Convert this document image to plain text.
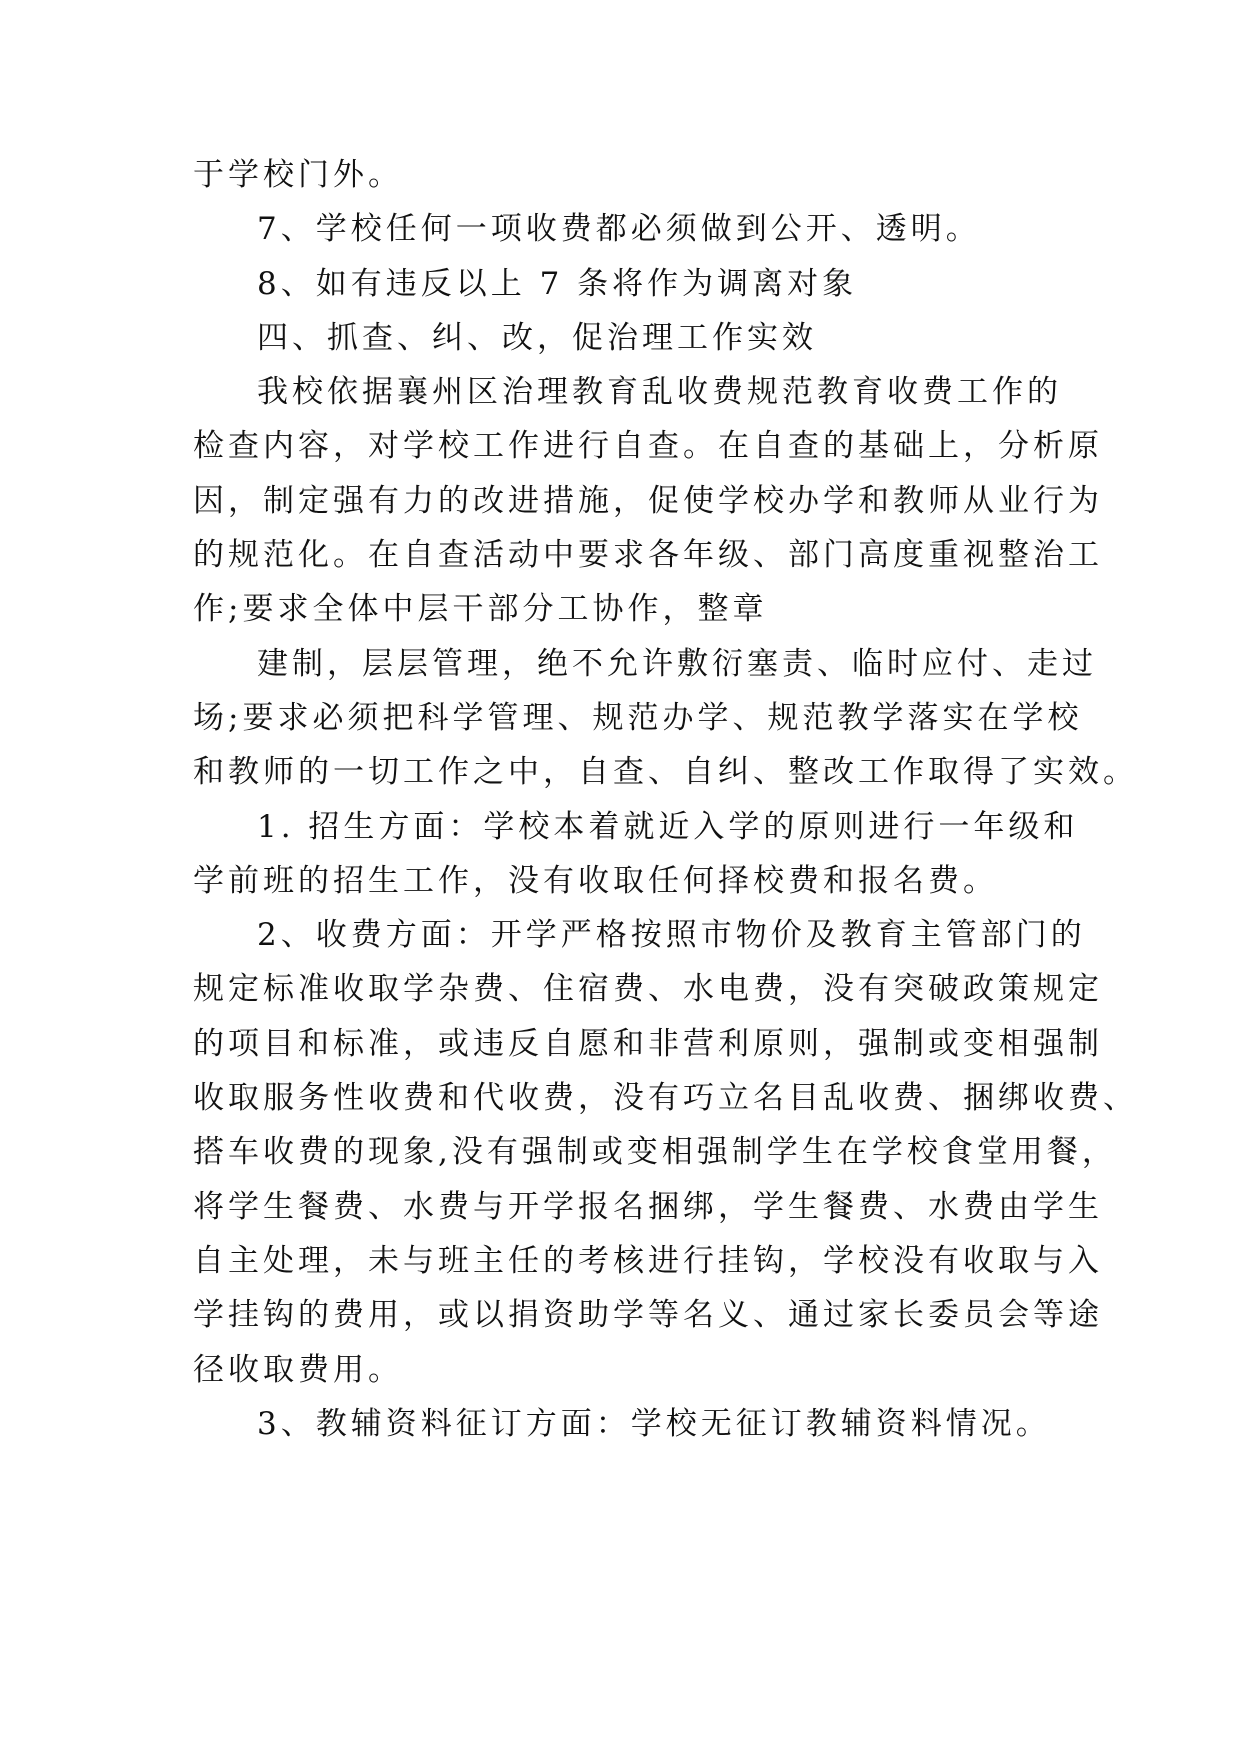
于学校门外。
7、学校任何一项收费都必须做到公开、透明。
8、如有违反以上 7 条将作为调离对象
四、抓查、纠、改，促治理工作实效
我校依据襄州区治理教育乱收费规范教育收费工作的
检查内容，对学校工作进行自查。在自查的基础上，分析原
因，制定强有力的改进措施，促使学校办学和教师从业行为
的规范化。在自查活动中要求各年级、部门高度重视整治工
作;要求全体中层干部分工协作，整章
建制，层层管理，绝不允许敷衍塞责、临时应付、走过
场;要求必须把科学管理、规范办学、规范教学落实在学校
和教师的一切工作之中，自查、自纠、整改工作取得了实效。
1. 招生方面：学校本着就近入学的原则进行一年级和
学前班的招生工作，没有收取任何择校费和报名费。
2、收费方面：开学严格按照市物价及教育主管部门的
规定标准收取学杂费、住宿费、水电费，没有突破政策规定
的项目和标准，或违反自愿和非营利原则，强制或变相强制
收取服务性收费和代收费，没有巧立名目乱收费、捆绑收费、
搭车收费的现象,没有强制或变相强制学生在学校食堂用餐，
将学生餐费、水费与开学报名捆绑，学生餐费、水费由学生
自主处理，未与班主任的考核进行挂钩，学校没有收取与入
学挂钩的费用，或以捐资助学等名义、通过家长委员会等途
径收取费用。
3、教辅资料征订方面：学校无征订教辅资料情况。
